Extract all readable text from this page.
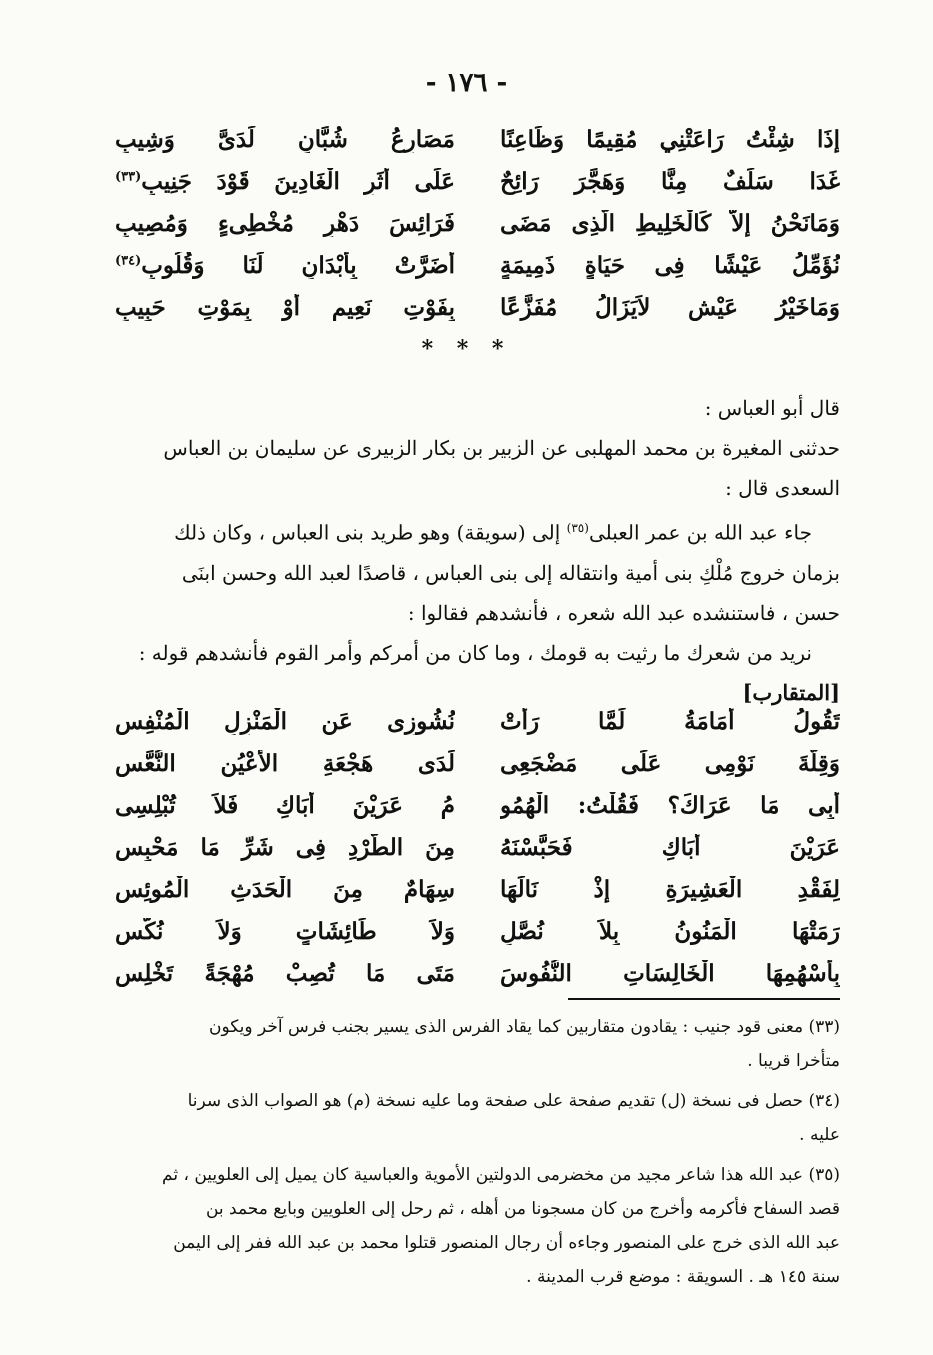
- ١٧٦ -
إِذَا شِئْتُ رَاعَتْنِي مُقِيمًا وَظَاعِنًا
مَصَارِعُ شُبَّانٍ لَدَىَّ وَشِيبِ
غَدَا سَلَفٌ مِنَّا وَهَجَّرَ رَائِحٌ
عَلَى أَثَرِ الْغَادِينَ قَوْدَ جَنِيبِ$^{(٣٣)}$
وَمَانَحْنُ إِلاَّ كَالْخَلِيطِ الَّذِى مَضَى
فَرَائِسَ دَهْرٍ مُخْطِىءٍ وَمُصِيبِ
نُؤَمِّلُ عَيْشًا فِى حَيَاةٍ ذَمِيمَةٍ
أَضَرَّتْ بِأَبْدَانٍ لَنَا وَقُلُوبِ$^{(٣٤)}$
وَمَاخَيْرُ عَيْشٍ لاَيَزَالُ مُفَزَّعًا
بِفَوْتِ نَعِيمٍ أَوْ بِمَوْتِ حَبِيبِ
* * *

قال أبو العباس :

حدثنى المغيرة بن محمد المهلبى عن الزبير بن بكار الزبيرى عن سليمان بن العباس

السعدى قال :

جاء عبد الله بن عمر العبلى$^{(٣٥)}$ إلى (سويقة) وهو طريد بنى العباس ، وكان ذلك

بزمان خروج مُلْكِ بنى أمية وانتقاله إلى بنى العباس ، قاصدًا لعبد الله وحسن ابنَى

حسن ، فاستنشده عبد الله شعره ، فأنشدهم فقالوا :

نريد من شعرك ما رثيت به قومك ، وما كان من أمركم وأمر القوم فأنشدهم قوله :

[المتقارب]

تَقُولُ أُمَامَةُ لَمَّا رَأَتْ
نُشُوزِى عَنِ الْمَنْزِلِ الْمُنْفِسِ
وَقِلَّةَ نَوْمِى عَلَى مَضْجَعِى
لَدَى هَجْعَةِ الأَعْيُنِ النُّعَّسِ
أَبِى مَا عَرَاكَ؟ فَقُلْتُ: الْهُمُو
مُ عَرَيْنَ أَبَاكِ فَلاَ تُبْلِسِى
عَرَيْنَ أَبَاكِ فَحَبَّسْنَهُ
مِنَ الطَّرْدِ فِى شَرِّ مَا مَحْبِسِ
لِفَقْدِ الْعَشِيرَةِ إِذْ نَالَهَا
سِهَامٌ مِنَ الْحَدَثِ الْمُوئِسِ
رَمَتْهَا الْمَنُونُ بِلاَ نُصَّلٍ
وَلاَ طَائِشَاتٍ وَلاَ نُكَّسِ
بِأَسْهُمِهَا الْخَالِسَاتِ النُّفُوسَ
مَتَى مَا تُصِبْ مُهْجَةً تَخْلِسِ

(٣٣) معنى قود جنيب : يقادون متقاربين كما يقاد الفرس الذى يسير بجنب فرس آخر ويكون
متأخرا قريبا .

(٣٤) حصل فى نسخة (ل) تقديم صفحة على صفحة وما عليه نسخة (م) هو الصواب الذى سرنا
عليه .

(٣٥) عبد الله هذا شاعر مجيد من مخضرمى الدولتين الأموية والعباسية كان يميل إلى العلويين ، ثم
قصد السفاح فأكرمه وأخرج من كان مسجونا من أهله ، ثم رحل إلى العلويين وبايع محمد بن
عبد الله الذى خرج على المنصور وجاءه أن رجال المنصور قتلوا محمد بن عبد الله ففر إلى اليمن
سنة ١٤٥ هـ . السويقة : موضع قرب المدينة .
